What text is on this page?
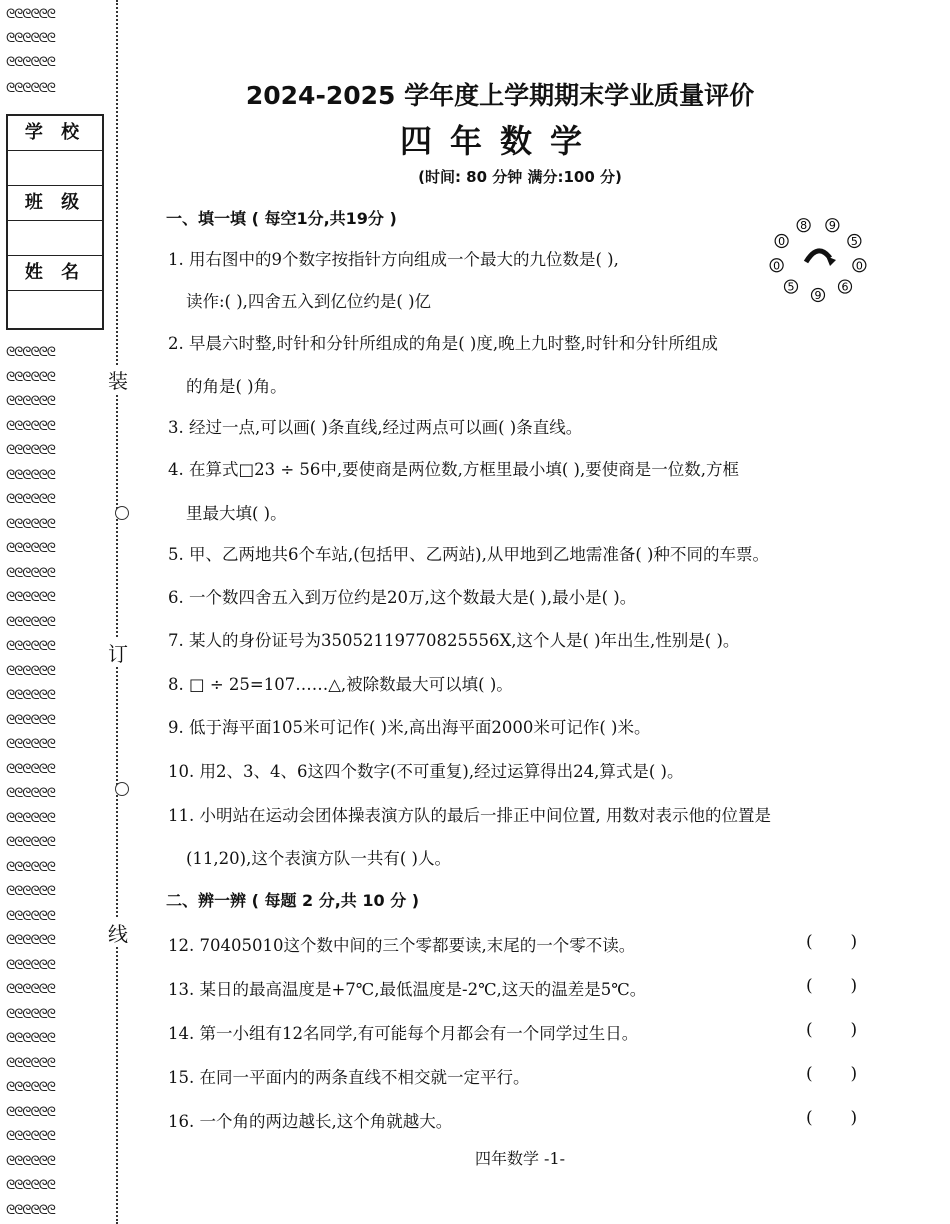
ᘓᘓᘓᘓᘓᘓ
ᘓᘓᘓᘓᘓᘓ
ᘓᘓᘓᘓᘓᘓ
ᘓᘓᘓᘓᘓᘓ
ᘓᘓᘓᘓᘓᘓ
ᘓᘓᘓᘓᘓᘓ
ᘓᘓᘓᘓᘓᘓ
ᘓᘓᘓᘓᘓᘓ
ᘓᘓᘓᘓᘓᘓ
ᘓᘓᘓᘓᘓᘓ
ᘓᘓᘓᘓᘓᘓ
ᘓᘓᘓᘓᘓᘓ
ᘓᘓᘓᘓᘓᘓ
ᘓᘓᘓᘓᘓᘓ
ᘓᘓᘓᘓᘓᘓ
ᘓᘓᘓᘓᘓᘓ
ᘓᘓᘓᘓᘓᘓ
ᘓᘓᘓᘓᘓᘓ
ᘓᘓᘓᘓᘓᘓ
ᘓᘓᘓᘓᘓᘓ
ᘓᘓᘓᘓᘓᘓ
ᘓᘓᘓᘓᘓᘓ
ᘓᘓᘓᘓᘓᘓ
ᘓᘓᘓᘓᘓᘓ
ᘓᘓᘓᘓᘓᘓ
ᘓᘓᘓᘓᘓᘓ
ᘓᘓᘓᘓᘓᘓ
ᘓᘓᘓᘓᘓᘓ
ᘓᘓᘓᘓᘓᘓ
ᘓᘓᘓᘓᘓᘓ
ᘓᘓᘓᘓᘓᘓ
ᘓᘓᘓᘓᘓᘓ
ᘓᘓᘓᘓᘓᘓ
ᘓᘓᘓᘓᘓᘓ
ᘓᘓᘓᘓᘓᘓ
ᘓᘓᘓᘓᘓᘓ
ᘓᘓᘓᘓᘓᘓ
ᘓᘓᘓᘓᘓᘓ
ᘓᘓᘓᘓᘓᘓ
ᘓᘓᘓᘓᘓᘓ
学 校
班 级
姓 名
装
订
线
2024-2025 学年度上学期期末学业质量评价
四年数学
(时间: 80 分钟 满分:100 分)
一、填一填 ( 每空1分,共19分 )
1. 用右图中的9个数字按指针方向组成一个最大的九位数是( ),
读作:( ),四舍五入到亿位约是( )亿
9
5
0
6
9
5
0
0
8
2. 早晨六时整,时针和分针所组成的角是( )度,晚上九时整,时针和分针所组成
的角是( )角。
3. 经过一点,可以画( )条直线,经过两点可以画( )条直线。
4. 在算式□23 ÷ 56中,要使商是两位数,方框里最小填( ),要使商是一位数,方框
里最大填( )。
5. 甲、乙两地共6个车站,(包括甲、乙两站),从甲地到乙地需准备( )种不同的车票。
6. 一个数四舍五入到万位约是20万,这个数最大是( ),最小是( )。
7. 某人的身份证号为35052119770825556X,这个人是( )年出生,性别是( )。
8. □ ÷ 25=107……△,被除数最大可以填( )。
9. 低于海平面105米可记作( )米,高出海平面2000米可记作( )米。
10. 用2、3、4、6这四个数字(不可重复),经过运算得出24,算式是( )。
11. 小明站在运动会团体操表演方队的最后一排正中间位置, 用数对表示他的位置是
(11,20),这个表演方队一共有( )人。
二、辨一辨 ( 每题 2 分,共 10 分 )
12. 70405010这个数中间的三个零都要读,末尾的一个零不读。	(       )
13. 某日的最高温度是+7℃,最低温度是-2℃,这天的温差是5℃。	(       )
14. 第一小组有12名同学,有可能每个月都会有一个同学过生日。	(       )
15. 在同一平面内的两条直线不相交就一定平行。	(       )
16. 一个角的两边越长,这个角就越大。	(       )
四年数学 -1-
